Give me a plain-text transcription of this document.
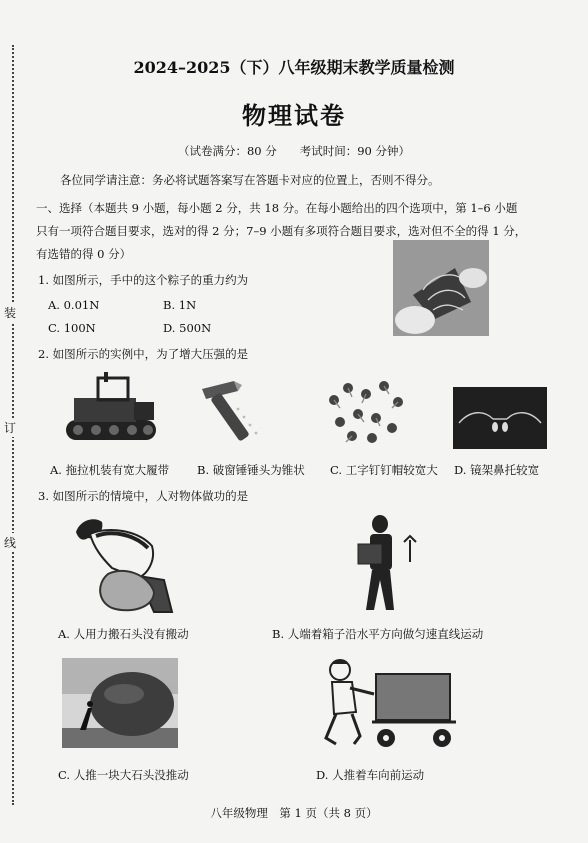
装
订
线
2024–2025（下）八年级期末教学质量检测
物理试卷
（试卷满分：80 分　　考试时间：90 分钟）
各位同学请注意：务必将试题答案写在答题卡对应的位置上，否则不得分。
一、选择（本题共 9 小题，每小题 2 分，共 18 分。在每小题给出的四个选项中，第 1–6 小题
只有一项符合题目要求，选对的得 2 分；7–9 小题有多项符合题目要求，选对但不全的得 1 分，
有选错的得 0 分）
1. 如图所示，手中的这个粽子的重力约为
A. 0.01N	B. 1N
C. 100N	D. 500N
2. 如图所示的实例中，为了增大压强的是
A. 拖拉机装有宽大履带 B. 破窗锤锤头为锥状 C. 工字钉钉帽较宽大 D. 镜架鼻托较宽
3. 如图所示的情境中，人对物体做功的是
A. 人用力搬石头没有搬动	B. 人端着箱子沿水平方向做匀速直线运动
C. 人推一块大石头没推动	D. 人推着车向前运动
八年级物理　第 1 页（共 8 页）
